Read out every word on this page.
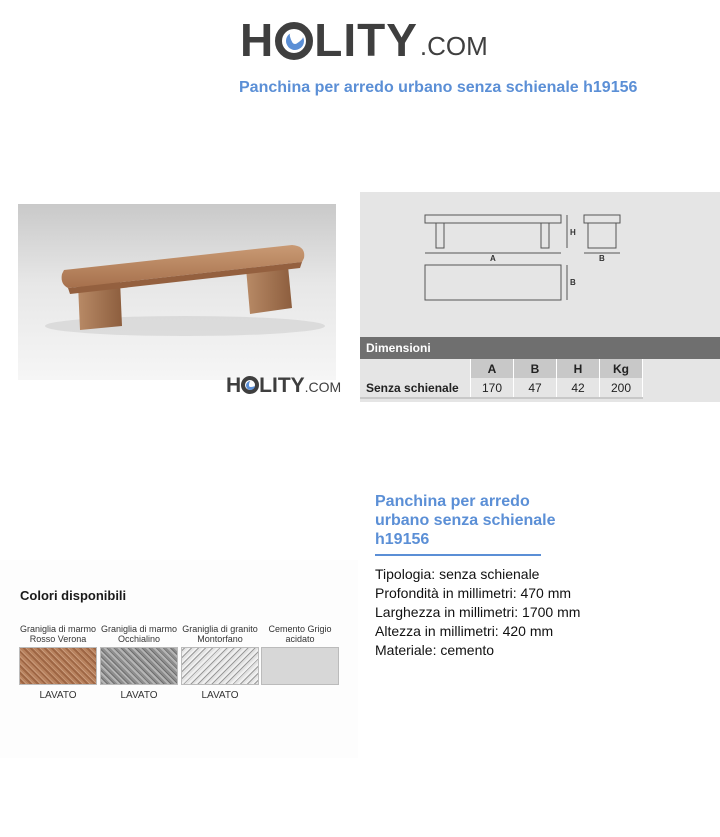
H LITY .COM
Panchina per arredo urbano senza schienale h19156
H LITY.COM
H
A	B
B
Dimensioni
	A	B	H	Kg
Senza schienale	170	47	42	200
Colori disponibili
Graniglia di marmo Rosso Verona
LAVATO
Graniglia di marmo Occhialino
LAVATO
Graniglia di granito Montorfano
LAVATO
Cemento Grigio acidato
Panchina per arredo urbano senza schienale h19156
Tipologia: senza schienale
Profondità in millimetri: 470 mm
Larghezza in millimetri: 1700 mm
Altezza in millimetri: 420 mm
Materiale: cemento
